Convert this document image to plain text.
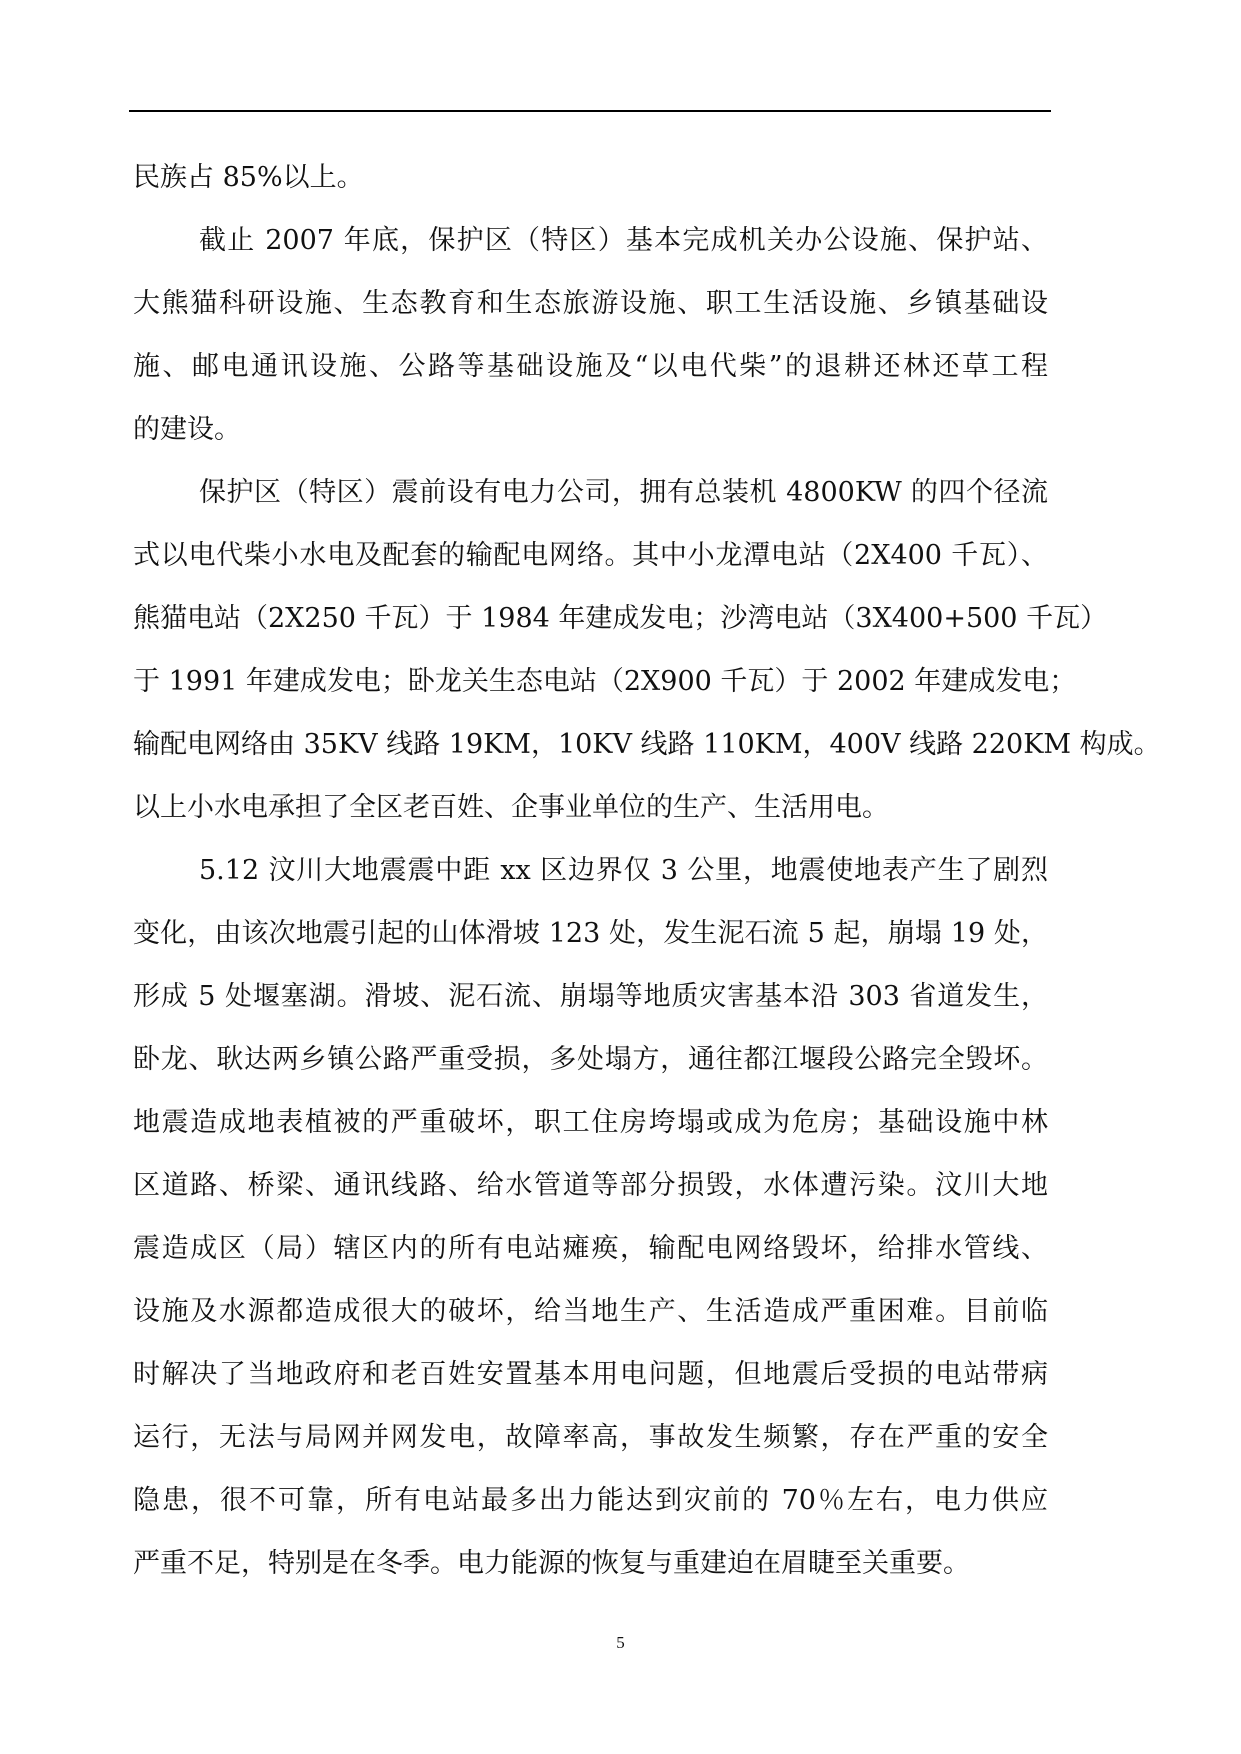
民族占 85%以上。
截止 2007 年底，保护区（特区）基本完成机关办公设施、保护站、
大熊猫科研设施、生态教育和生态旅游设施、职工生活设施、乡镇基础设
施、邮电通讯设施、公路等基础设施及“以电代柴”的退耕还林还草工程
的建设。
保护区（特区）震前设有电力公司，拥有总装机 4800KW 的四个径流
式以电代柴小水电及配套的输配电网络。其中小龙潭电站（2X400 千瓦）、
熊猫电站（2X250 千瓦）于 1984 年建成发电；沙湾电站（3X400+500 千瓦）
于 1991 年建成发电；卧龙关生态电站（2X900 千瓦）于 2002 年建成发电；
输配电网络由 35KV 线路 19KM，10KV 线路 110KM，400V 线路 220KM 构成。
以上小水电承担了全区老百姓、企事业单位的生产、生活用电。
5.12 汶川大地震震中距 xx 区边界仅 3 公里，地震使地表产生了剧烈
变化，由该次地震引起的山体滑坡 123 处，发生泥石流 5 起，崩塌 19 处，
形成 5 处堰塞湖。滑坡、泥石流、崩塌等地质灾害基本沿 303 省道发生，
卧龙、耿达两乡镇公路严重受损，多处塌方，通往都江堰段公路完全毁坏。
地震造成地表植被的严重破坏，职工住房垮塌或成为危房；基础设施中林
区道路、桥梁、通讯线路、给水管道等部分损毁，水体遭污染。汶川大地
震造成区（局）辖区内的所有电站瘫痪，输配电网络毁坏，给排水管线、
设施及水源都造成很大的破坏，给当地生产、生活造成严重困难。目前临
时解决了当地政府和老百姓安置基本用电问题，但地震后受损的电站带病
运行，无法与局网并网发电，故障率高，事故发生频繁，存在严重的安全
隐患，很不可靠，所有电站最多出力能达到灾前的 70％左右，电力供应
严重不足，特别是在冬季。电力能源的恢复与重建迫在眉睫至关重要。
5
